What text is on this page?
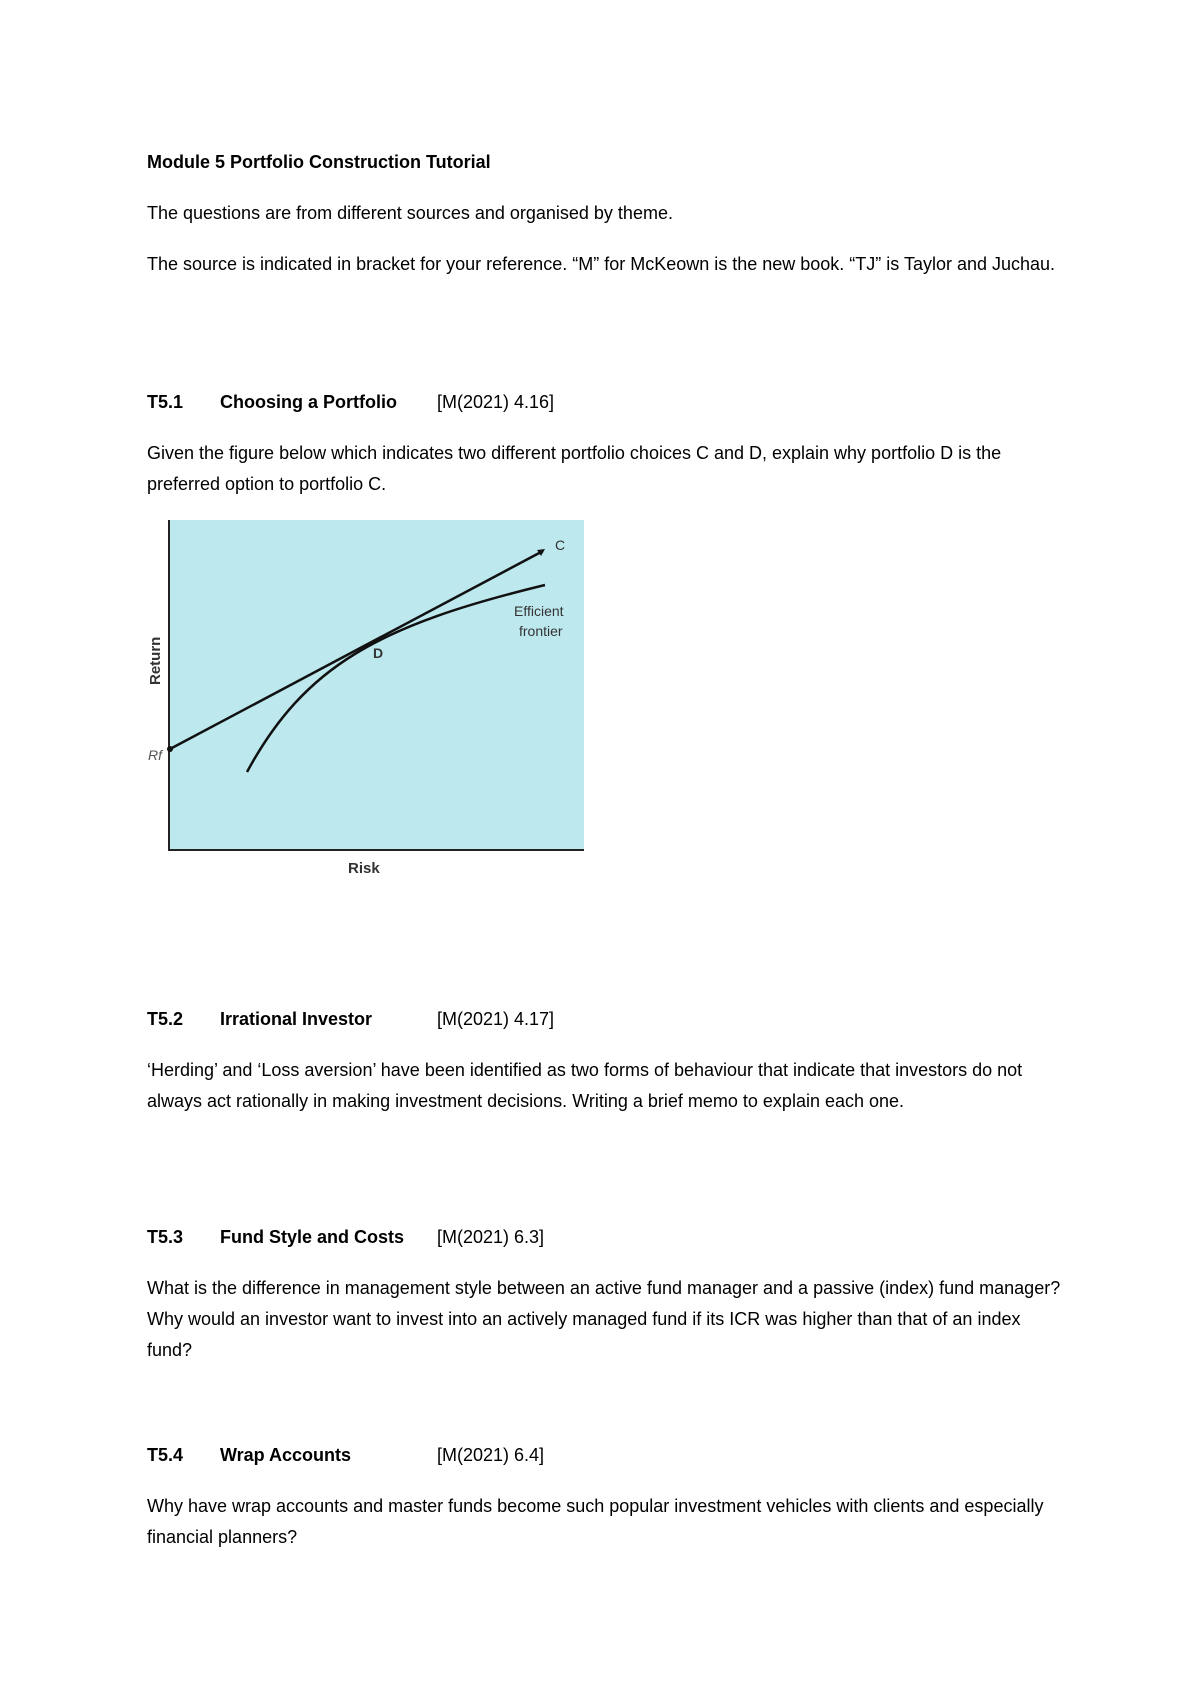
Module 5 Portfolio Construction Tutorial

The questions are from different sources and organised by theme.

The source is indicated in bracket for your reference. “M” for McKeown is the new book. “TJ” is Taylor and Juchau.

T5.1 Choosing a Portfolio [M(2021) 4.16]

Given the figure below which indicates two different portfolio choices C and D, explain why portfolio D is the preferred option to portfolio C.

C
D
Efficient
frontier
Rf
Risk
Return
T5.2 Irrational Investor	[M(2021) 4.17]

‘Herding’ and ‘Loss aversion’ have been identified as two forms of behaviour that indicate that investors do not always act rationally in making investment decisions. Writing a brief memo to explain each one.

T5.3 Fund Style and Costs [M(2021) 6.3]

What is the difference in management style between an active fund manager and a passive (index) fund manager? Why would an investor want to invest into an actively managed fund if its ICR was higher than that of an index fund?

T5.4 Wrap Accounts	[M(2021) 6.4]

Why have wrap accounts and master funds become such popular investment vehicles with clients and especially financial planners?
